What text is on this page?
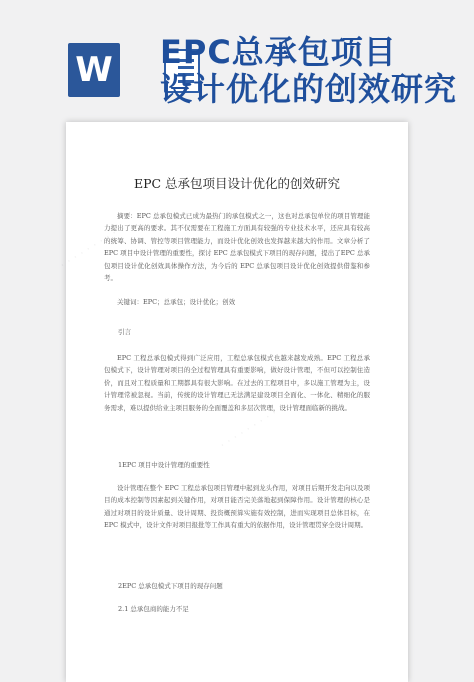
W EPC总承包项目
设计优化的创效研究
· · · · · · · · ·
· · · · · · · · ·
EPC 总承包项目设计优化的创效研究

摘要：EPC 总承包模式已成为最热门的承包模式之一，这也对总承包单位的项目管理能力提出了更高的要求。其不仅需要在工程施工方面具有较强的专业技术水平，还应具有较高的统筹、协调、管控等项目管理能力，而设计优化创效也发挥越来越大的作用。文章分析了EPC 项目中设计管理的重要性，探讨 EPC 总承包模式下项目的现存问题，提出了EPC 总承包项目设计优化创效具体操作方法，为今后的 EPC 总承包项目设计优化创效提供借鉴和参考。

关键词：EPC；总承包；设计优化；创效

引言

EPC 工程总承包模式得到广泛应用，工程总承包模式也越来越发成熟。EPC 工程总承包模式下，设计管理对项目的全过程管理具有重要影响，做好设计管理，不但可以控制住造价，而且对工程质量和工期都具有很大影响。在过去的工程项目中，多以施工管理为主，设计管理常被忽视。当前，传统的设计管理已无法满足建设项目全面化、一体化、精细化的服务需求，难以提供给业主项目服务的全面覆盖和多层次管理，设计管理面临新的挑战。

1EPC 项目中设计管理的重要性

设计管理在整个 EPC 工程总承包项目管理中起到龙头作用，对项目后期开发走向以及项目的成本控制等因素起到关键作用，对项目能否完美落地起到保障作用。设计管理的核心是通过对项目的设计质量、设计周期、投资概预算实施有效控制，进而实现项目总体目标，在EPC 模式中，设计文件对项目报批等工作具有重大的依据作用，设计管理贯穿全设计周期。

2EPC 总承包模式下项目的现存问题

2.1 总承包商的能力不足
